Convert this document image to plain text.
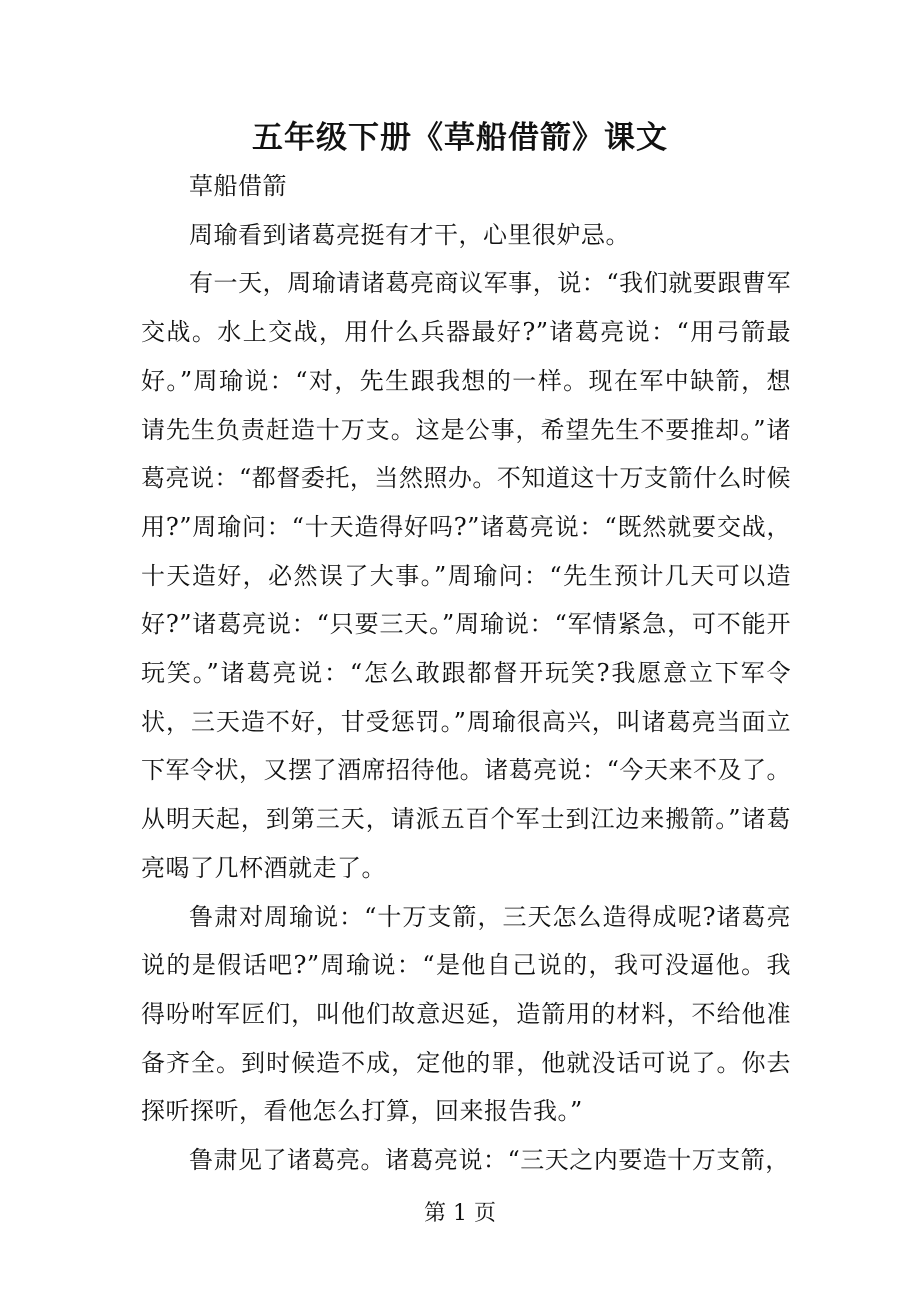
五年级下册《草船借箭》课文

草船借箭

周瑜看到诸葛亮挺有才干，心里很妒忌。

有一天，周瑜请诸葛亮商议军事，说：“我们就要跟曹军交战。水上交战，用什么兵器最好?”诸葛亮说：“用弓箭最好。”周瑜说：“对，先生跟我想的一样。现在军中缺箭，想请先生负责赶造十万支。这是公事，希望先生不要推却。”诸葛亮说：“都督委托，当然照办。不知道这十万支箭什么时候用?”周瑜问：“十天造得好吗?”诸葛亮说：“既然就要交战，十天造好，必然误了大事。”周瑜问：“先生预计几天可以造好?”诸葛亮说：“只要三天。”周瑜说：“军情紧急，可不能开玩笑。”诸葛亮说：“怎么敢跟都督开玩笑?我愿意立下军令状，三天造不好，甘受惩罚。”周瑜很高兴，叫诸葛亮当面立下军令状，又摆了酒席招待他。诸葛亮说：“今天来不及了。从明天起，到第三天，请派五百个军士到江边来搬箭。”诸葛亮喝了几杯酒就走了。

鲁肃对周瑜说：“十万支箭，三天怎么造得成呢?诸葛亮说的是假话吧?”周瑜说：“是他自己说的，我可没逼他。我得吩咐军匠们，叫他们故意迟延，造箭用的材料，不给他准备齐全。到时候造不成，定他的罪，他就没话可说了。你去探听探听，看他怎么打算，回来报告我。”

鲁肃见了诸葛亮。诸葛亮说：“三天之内要造十万支箭，

第 1 页
